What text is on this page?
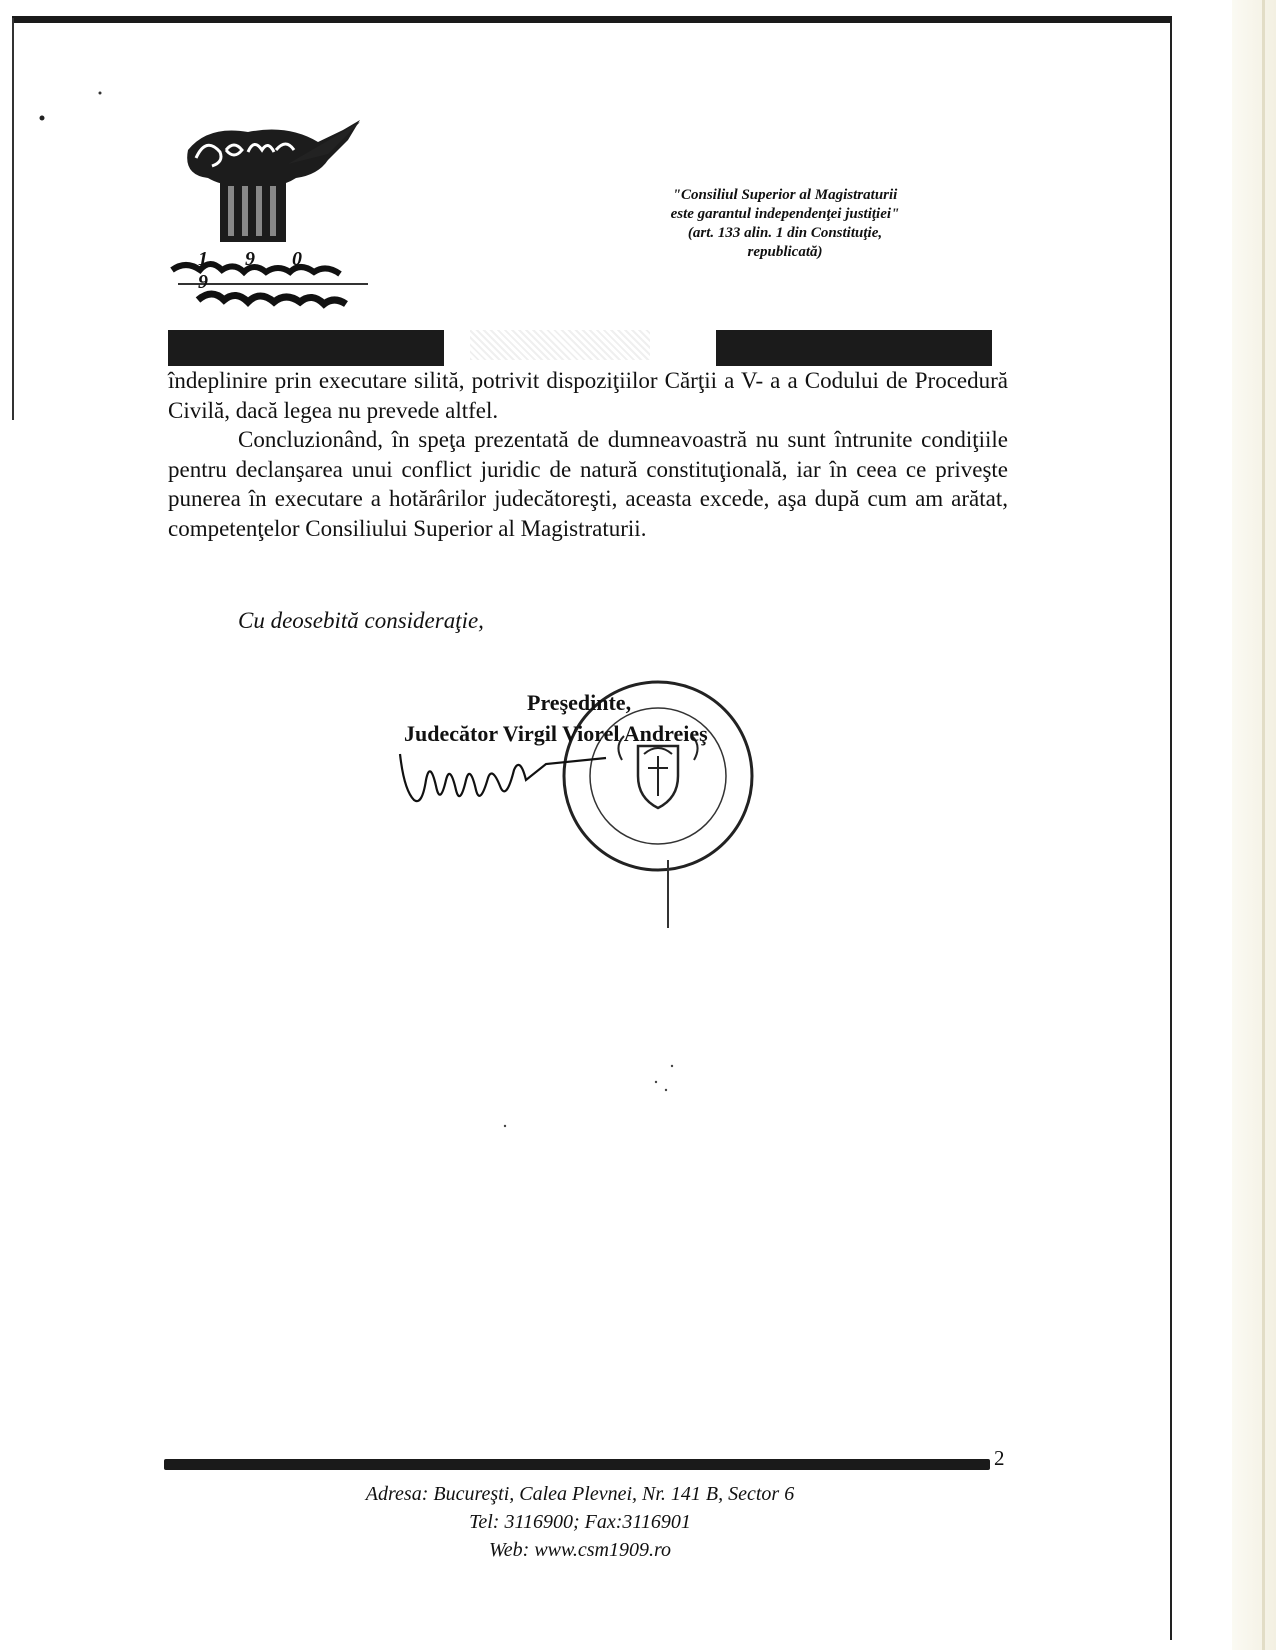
1 9 0 9
"Consiliul Superior al Magistraturii
este garantul independenţei justiţiei"
(art. 133 alin. 1 din Constituţie,
republicată)

îndeplinire prin executare silită, potrivit dispoziţiilor Cărţii a V- a a Codului de Procedură Civilă, dacă legea nu prevede altfel.

Concluzionând, în speţa prezentată de dumneavoastră nu sunt întrunite condiţiile pentru declanşarea unui conflict juridic de natură constituţională, iar în ceea ce priveşte punerea în executare a hotărârilor judecătoreşti, aceasta excede, aşa după cum am arătat, competenţelor Consiliului Superior al Magistraturii.

Cu deosebită consideraţie,
Preşedinte,
Judecător Virgil Viorel Andreieş
2
Adresa: Bucureşti, Calea Plevnei, Nr. 141 B, Sector 6
Tel: 3116900; Fax:3116901
Web: www.csm1909.ro
